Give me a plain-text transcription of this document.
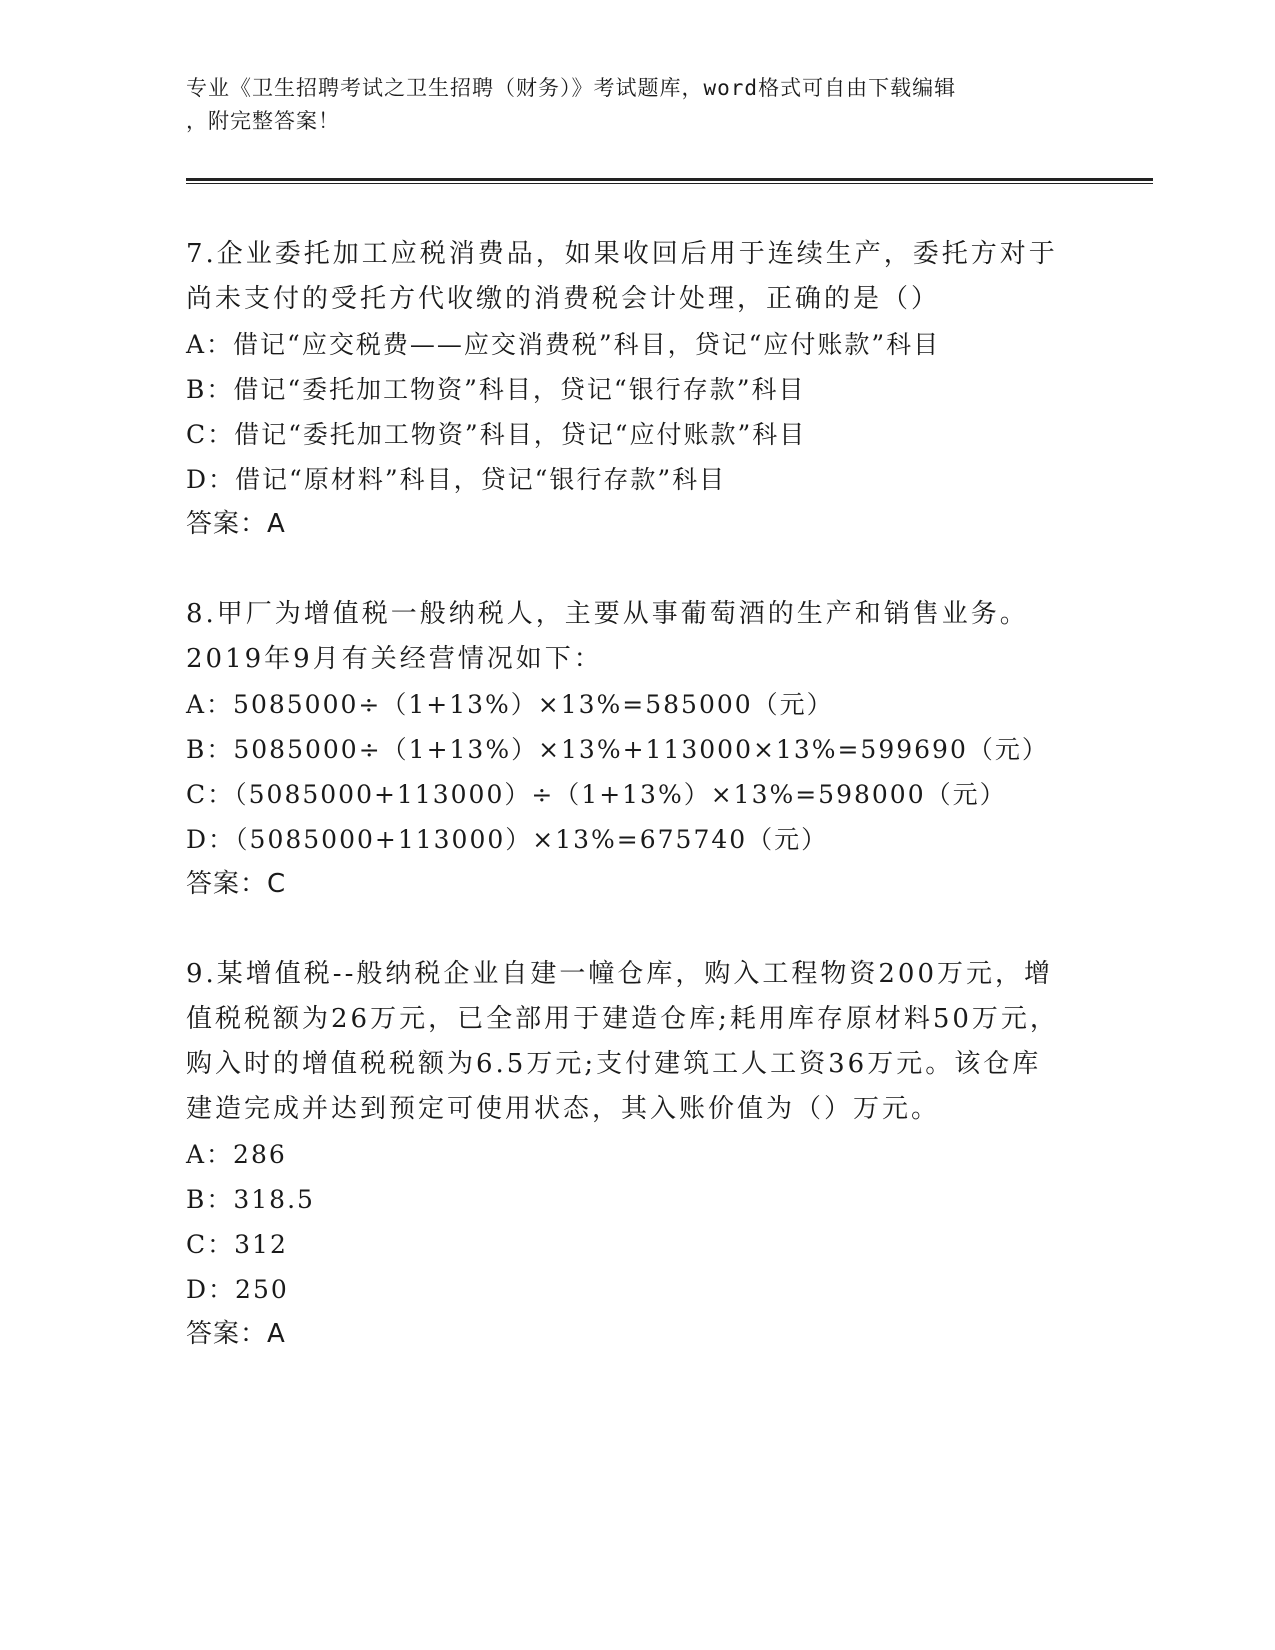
专业《卫生招聘考试之卫生招聘（财务）》考试题库，word格式可自由下载编辑
，附完整答案！
7.企业委托加工应税消费品，如果收回后用于连续生产，委托方对于
尚未支付的受托方代收缴的消费税会计处理，正确的是（）
A：借记“应交税费——应交消费税”科目，贷记“应付账款”科目
B：借记“委托加工物资”科目，贷记“银行存款”科目
C：借记“委托加工物资”科目，贷记“应付账款”科目
D：借记“原材料”科目，贷记“银行存款”科目
答案：A
8.甲厂为增值税一般纳税人，主要从事葡萄酒的生产和销售业务。
2019年9月有关经营情况如下：
A：5085000÷（1+13%）×13%=585000（元）
B：5085000÷（1+13%）×13%+113000×13%=599690（元）
C：（5085000+113000）÷（1+13%）×13%=598000（元）
D：（5085000+113000）×13%=675740（元）
答案：C
9.某增值税--般纳税企业自建一幢仓库，购入工程物资200万元，增
值税税额为26万元，已全部用于建造仓库;耗用库存原材料50万元，
购入时的增值税税额为6.5万元;支付建筑工人工资36万元。该仓库
建造完成并达到预定可使用状态，其入账价值为（）万元。
A：286
B：318.5
C：312
D：250
答案：A
